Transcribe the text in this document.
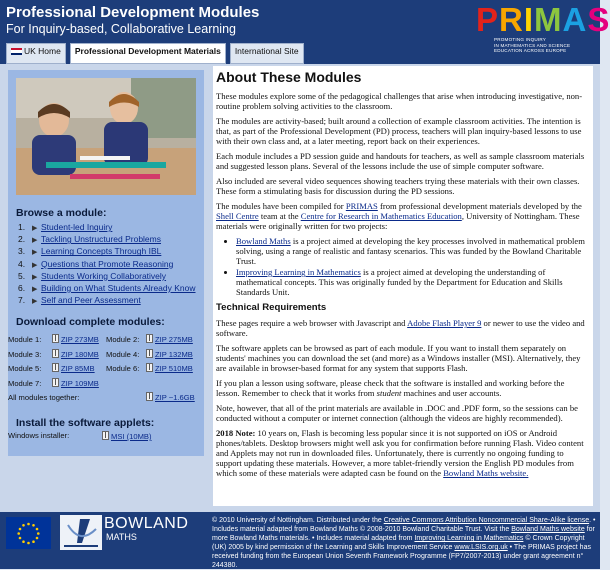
Professional Development Modules
For Inquiry-based, Collaborative Learning	PRIMAS
PROMOTING INQUIRY
IN MATHEMATICS AND SCIENCE
EDUCATION ACROSS EUROPE
UK Home	Professional Development Materials	International Site
Browse a module:
1. ▶ Student-led Inquiry
2. ▶ Tackling Unstructured Problems
3. ▶ Learning Concepts Through IBL
4. ▶ Questions that Promote Reasoning
5. ▶ Students Working Collaboratively
6. ▶ Building on What Students Already Know
7. ▶ Self and Peer Assessment
Download complete modules:
Install the software applets:
Module 1:	ZIP 273MB Module 2:	ZIP 275MB
Module 3:	ZIP 180MB Module 4:	ZIP 132MB
Module 5:	ZIP 85MB Module 6:	ZIP 510MB
Module 7:	ZIP 109MB
All modules together:	ZIP ~1.6GB
Windows installer:	MSI (10MB)
About These Modules

These modules explore some of the pedagogical challenges that arise when introducing investigative, non-routine problem solving activities to the classroom.

The modules are activity-based; built around a collection of example classroom activities. The intention is that, as part of the Professional Development (PD) process, teachers will plan inquiry-based lessons to use with their own class and, at a later meeting, report back on their experiences.

Each module includes a PD session guide and handouts for teachers, as well as sample classroom materials and suggested lesson plans. Several of the lessons include the use of simple computer software.

Also included are several video sequences showing teachers trying these materials with their own classes. These form a stimulating basis for discussion during the PD sessions.

The modules have been compiled for PRIMAS from professional development materials developed by the Shell Centre team at the Centre for Research in Mathematics Education, University of Nottingham. These materials were originally written for two projects:

• Bowland Maths is a project aimed at developing the key processes involved in mathematical problem solving, using a range of realistic and fantasy scenarios. This was funded by the Bowland Charitable Trust.
• Improving Learning in Mathematics is a project aimed at developing the understanding of mathematical concepts. This was originally funded by the Department for Education and Skills Standards Unit.
Technical Requirements

These pages require a web browser with Javascript and Adobe Flash Player 9 or newer to use the video and software.

The software applets can be browsed as part of each module. If you want to install them separately on students' machines you can download the set (and more) as a Windows installer (MSI). Alternatively, they are available in browser-based format for any system that supports Flash.

If you plan a lesson using software, please check that the software is installed and working before the lesson. Remember to check that it works from student machines and user accounts.

Note, however, that all of the print materials are available in .DOC and .PDF form, so the sessions can be conducted without a computer or internet connection (although the videos are highly recommended).

2018 Note: 10 years on, Flash is becoming less popular since it is not supported on iOS or Android phones/tablets. Desktop browsers might well ask you for confirmation before running Flash. Video content and Applets may not run in downloaded files. Unfortunately, there is currently no ongoing funding to support updating these materials. However, a more tablet-friendly version the English PD modules from which some of these materials were adapted casn be found on the Bowland Maths website.

BOWLAND
MATHS
© 2010 University of Nottingham. Distributed under the Creative Commons Attribution Noncommercial Share-Alike license. • Includes material adapted from Bowland Maths © 2008-2010 Bowland Charitable Trust. Visit the Bowland Maths website for more Bowland Maths materials. • Includes material adapted from Improving Learning in Mathematics © Crown Copyright (UK) 2005 by kind permission of the Learning and Skills Improvement Service www.LSIS.org.uk • The PRIMAS project has received funding from the European Union Seventh Framework Programme (FP7/2007-2013) under grant agreement n° 244380.
